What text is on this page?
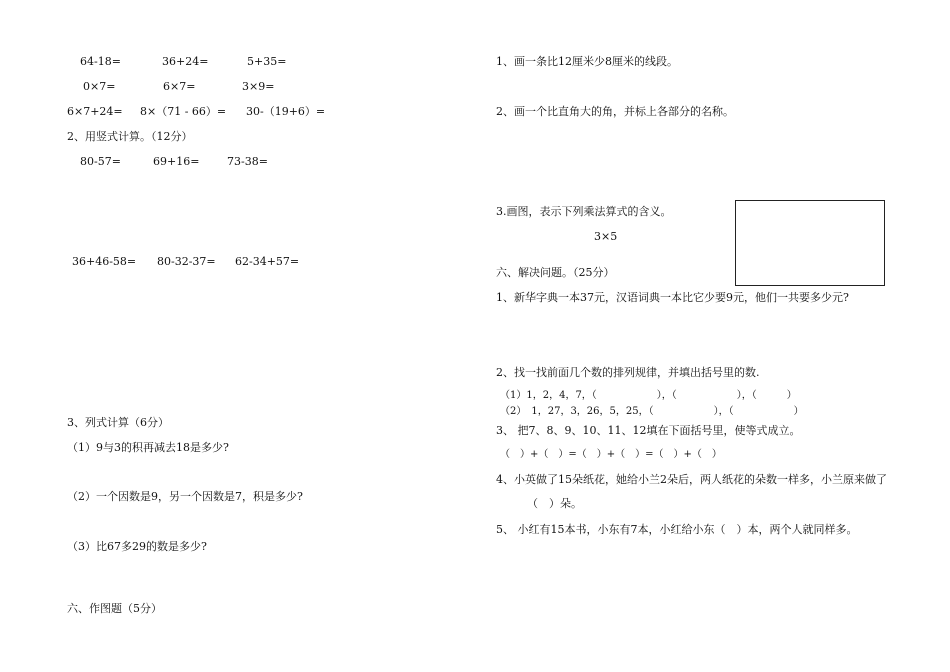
64-18=	36+24=	5+35=
0×7=	6×7=	3×9=
6×7+24= 8×（71 - 66）= 30-（19+6）=
2、用竖式计算。（12分）
80-57=	69+16=	73-38=
36+46-58= 80-32-37= 62-34+57=
3、列式计算（6分）
（1）9与3的积再减去18是多少?
（2）一个因数是9，另一个因数是7，积是多少?
（3）比67多29的数是多少?
六、作图题（5分）
1、画一条比12厘米少8厘米的线段。
2、画一个比直角大的角，并标上各部分的名称。
3.画图，表示下列乘法算式的含义。
3×5
六、解决问题。（25分）
1、新华字典一本37元，汉语词典一本比它少要9元，他们一共要多少元?
2、找一找前面几个数的排列规律，并填出括号里的数.
（1）1，2，4，7，（　　　　　　），（　　　　　　），（　　　）
（2）　1，27，3，26，5，25，（　　　　　　），（　　　　　　）
3、 把7、8、9、10、11、12填在下面括号里，使等式成立。
（　）+（　）=（　）+（　）=（　）+（　）
4、小英做了15朵纸花，她给小兰2朵后，两人纸花的朵数一样多，小兰原来做了
（　）朵。
5、 小红有15本书，小东有7本，小红给小东（　）本，两个人就同样多。
